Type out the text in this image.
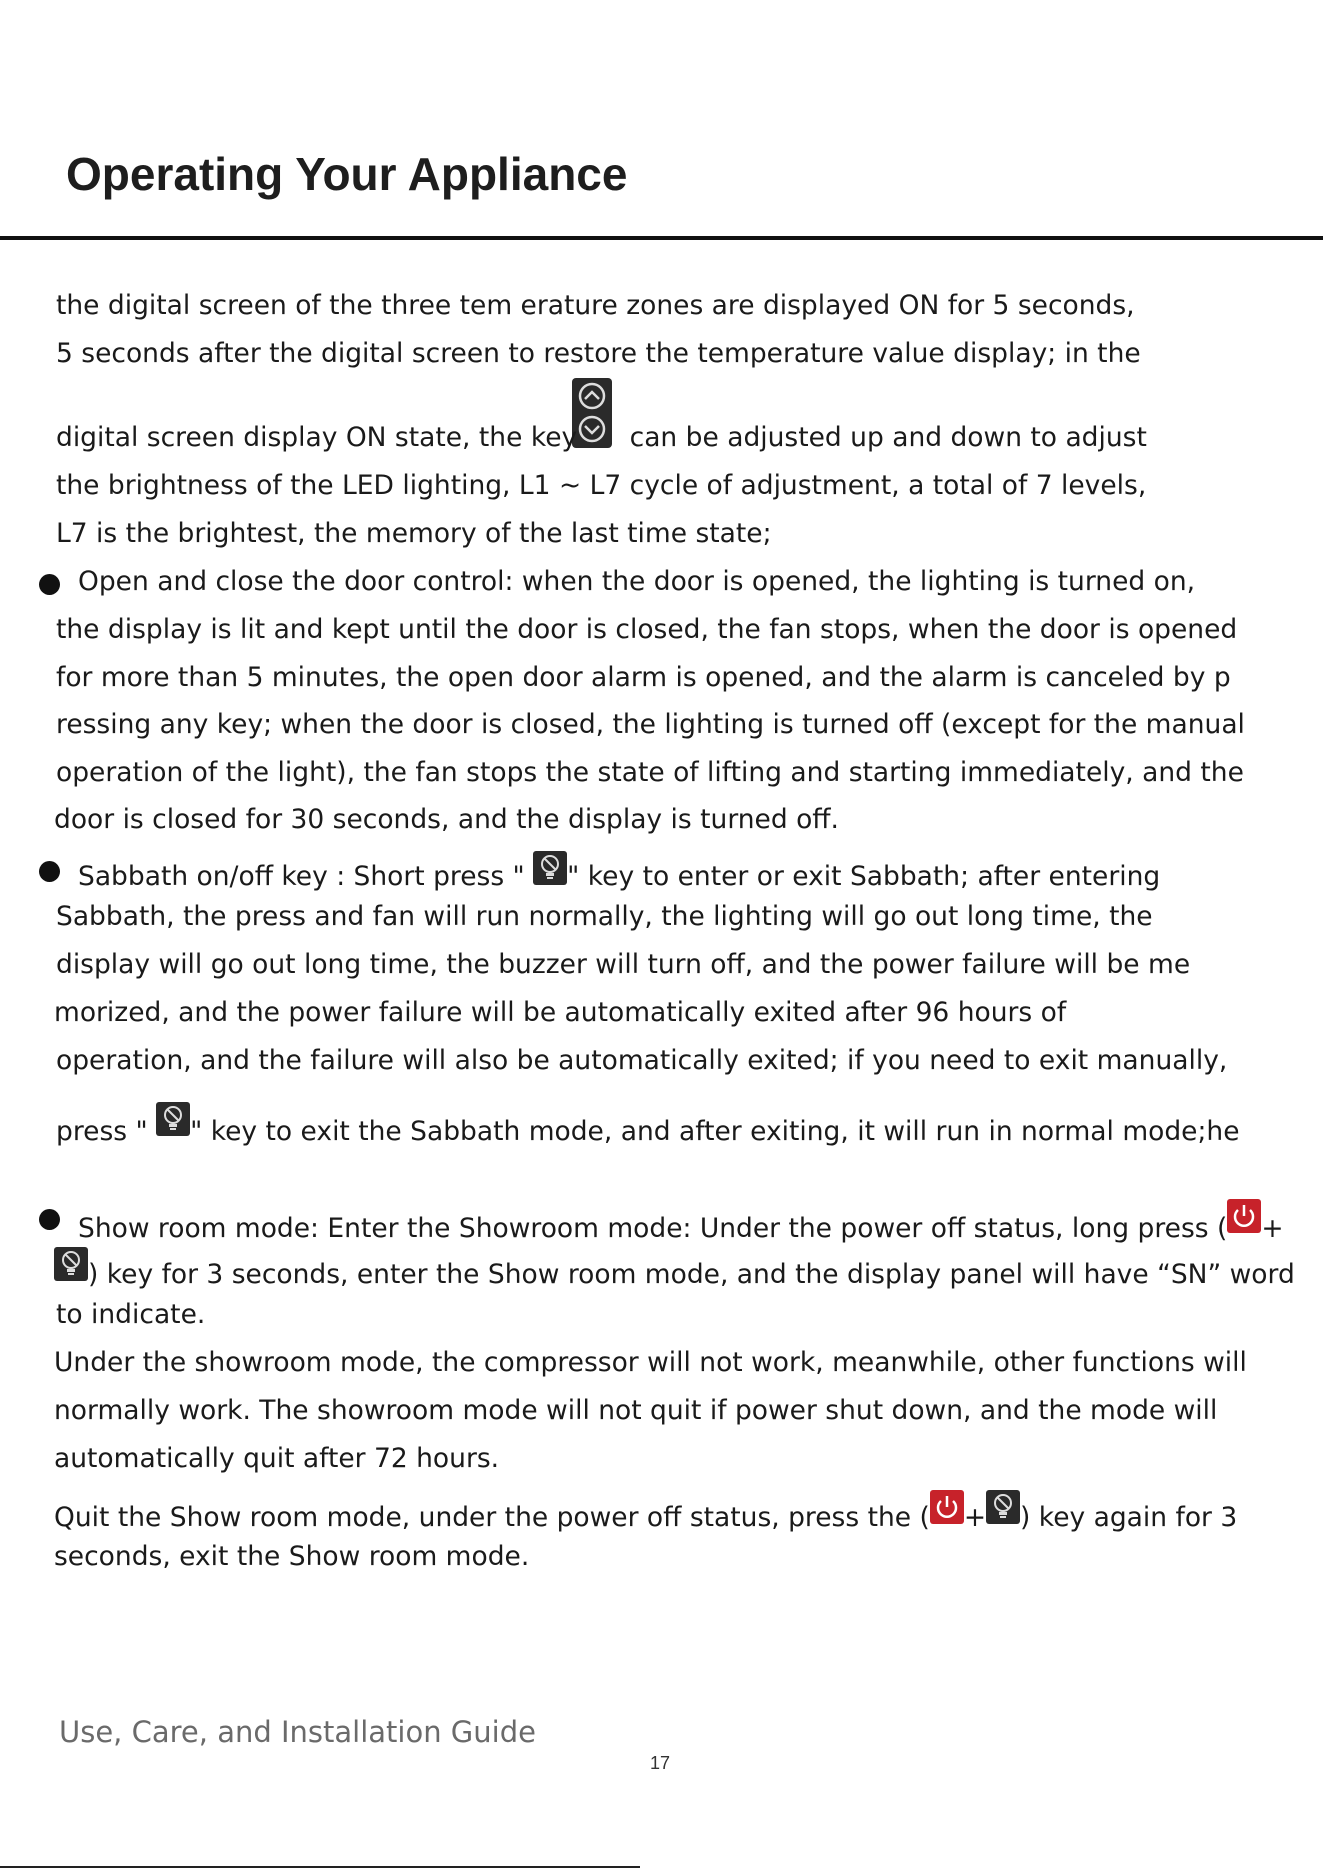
Operating Your Appliance
the digital screen of the three tem erature zones are displayed ON for 5 seconds,
5 seconds after the digital screen to restore the temperature value display; in the
digital screen display ON state, the key can be adjusted up and down to adjust
the brightness of the LED lighting, L1 ~ L7 cycle of adjustment, a total of 7 levels,
L7 is the brightest, the memory of the last time state;
Open and close the door control: when the door is opened, the lighting is turned on,
the display is lit and kept until the door is closed, the fan stops, when the door is opened
for more than 5 minutes, the open door alarm is opened, and the alarm is canceled by p
ressing any key; when the door is closed, the lighting is turned off (except for the manual
operation of the light), the fan stops the state of lifting and starting immediately, and the
door is closed for 30 seconds, and the display is turned off.
Sabbath on/off key : Short press "
" key to enter or exit Sabbath; after entering
Sabbath, the press and fan will run normally, the lighting will go out long time, the
display will go out long time, the buzzer will turn off, and the power failure will be me
morized, and the power failure will be automatically exited after 96 hours of
operation, and the failure will also be automatically exited; if you need to exit manually,
press "
" key to exit the Sabbath mode, and after exiting, it will run in normal mode;he
Show room mode: Enter the Showroom mode: Under the power off status, long press ( +
) key for 3 seconds, enter the Show room mode, and the display panel will have “SN” word
to indicate.
Under the showroom mode, the compressor will not work, meanwhile, other functions will
normally work. The showroom mode will not quit if power shut down, and the mode will
automatically quit after 72 hours.
Quit the Show room mode, under the power off status, press the ( + ) key again for 3
seconds, exit the Show room mode.
Use, Care, and Installation Guide
17
